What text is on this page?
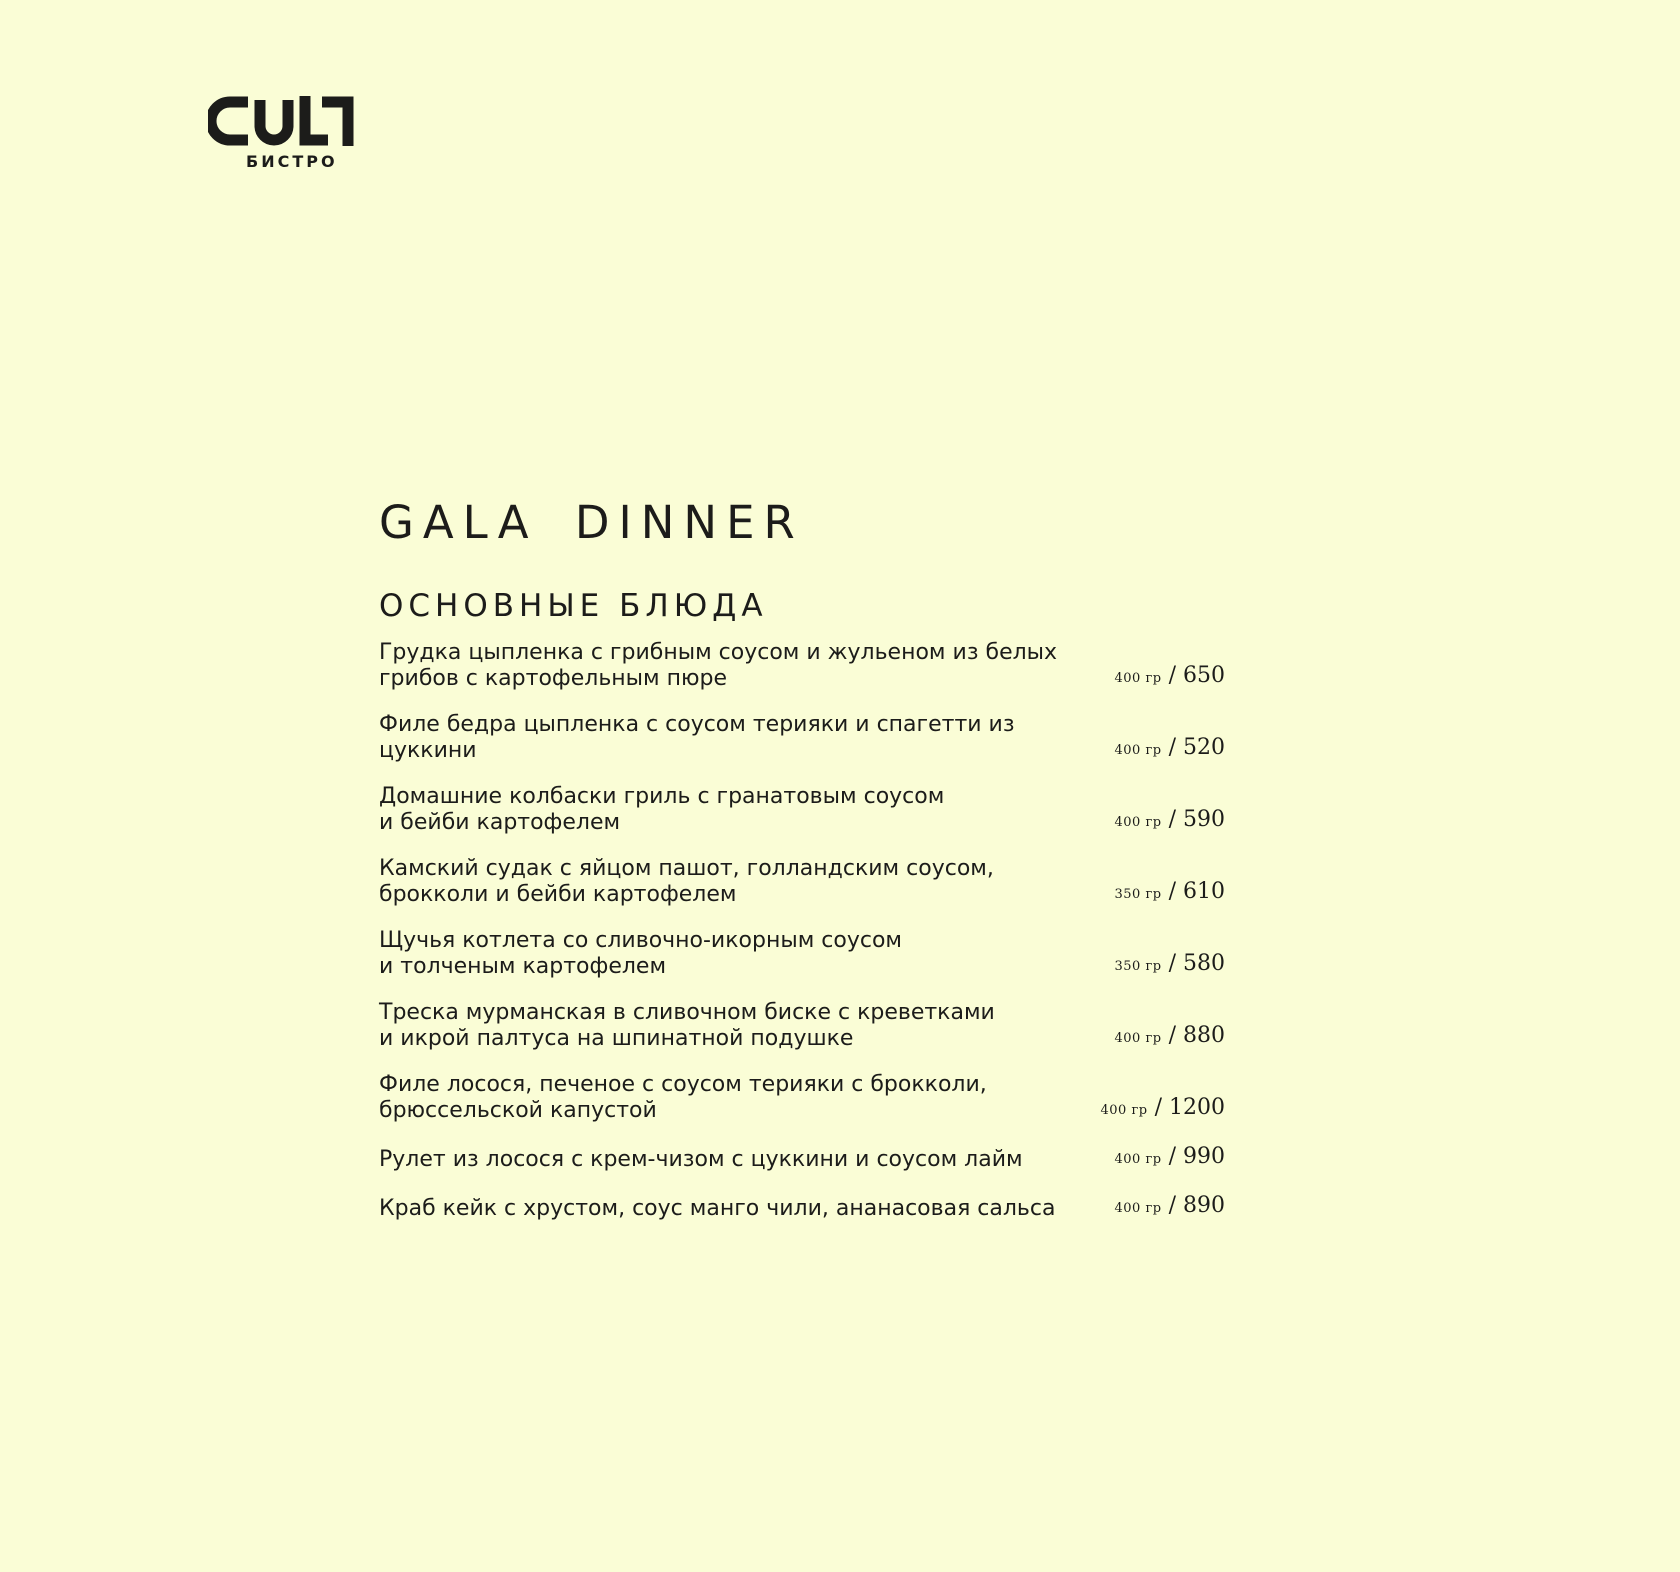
БИСТРО
GALA DINNER
ОСНОВНЫЕ БЛЮДА
Грудка цыпленка с грибным соусом и жульеном из белых
грибов с картофельным пюре	400 гр / 650
Филе бедра цыпленка с соусом терияки и спагетти из цуккини	400 гр / 520
Домашние колбаски гриль с гранатовым соусом
и бейби картофелем	400 гр / 590
Камский судак с яйцом пашот, голландским соусом,
брокколи и бейби картофелем	350 гр / 610
Щучья котлета со сливочно-икорным соусом
и толченым картофелем	350 гр / 580
Треска мурманская в сливочном биске с креветками
и икрой палтуса на шпинатной подушке	400 гр / 880
Филе лосося, печеное с соусом терияки с брокколи,
брюссельской капустой	400 гр / 1200
Рулет из лосося с крем-чизом с цуккини и соусом лайм	400 гр / 990
Краб кейк с хрустом, соус манго чили, ананасовая сальса	400 гр / 890
